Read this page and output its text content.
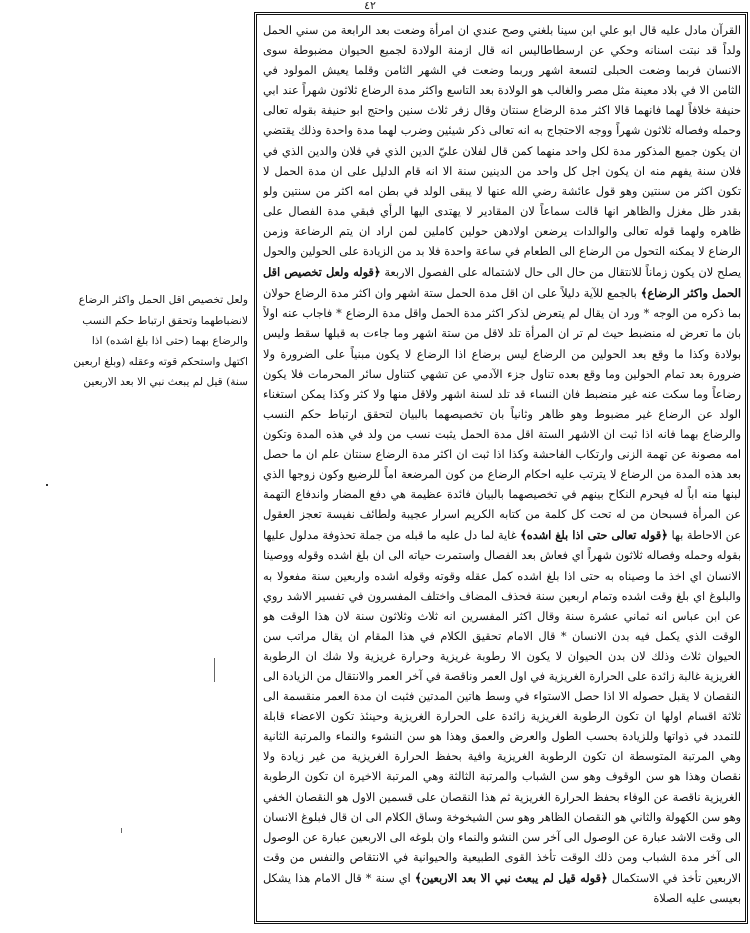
٤٢

القرآن مادل عليه قال ابو علي ابن سينا بلغني وصح عندي ان امرأة وضعت بعد الرابعة من سني الحمل ولداً قد نبتت اسنانه وحكي عن ارسطاطاليس انه قال ازمنة الولادة لجميع الحيوان مضبوطة سوى الانسان فربما وضعت الحبلى لتسعة اشهر وربما وضعت في الشهر الثامن وقلما يعيش المولود في الثامن الا في بلاد معينة مثل مصر والغالب هو الولادة بعد التاسع واكثر مدة الرضاع ثلاثون شهراً عند ابي حنيفة خلافاً لهما فانهما قالا اكثر مدة الرضاع سنتان وقال زفر ثلاث سنين واحتج ابو حنيفة بقوله تعالى وحمله وفصاله ثلاثون شهراً ووجه الاحتجاج به انه تعالى ذكر شيئين وضرب لهما مدة واحدة وذلك يقتضي ان يكون جميع المذكور مدة لكل واحد منهما كمن قال لفلان عليّ الدين الذي في فلان والدين الذي في فلان سنة يفهم منه ان يكون اجل كل واحد من الدينين سنة الا انه قام الدليل على ان مدة الحمل لا تكون اكثر من سنتين وهو قول عائشة رضي الله عنها لا يبقى الولد في بطن امه اكثر من سنتين ولو بقدر ظل مغزل والظاهر انها قالت سماعاً لان المقادير لا يهتدى اليها الرأي فبقي مدة الفصال على ظاهره ولهما قوله تعالى والوالدات يرضعن اولادهن حولين كاملين لمن اراد ان يتم الرضاعة وزمن الرضاع لا يمكنه التحول من الرضاع الى الطعام في ساعة واحدة فلا بد من الزيادة على الحولين والحول يصلح لان يكون زماناً للانتقال من حال الى حال لاشتماله على الفصول الاربعة ﴿قوله ولعل تخصيص اقل الحمل واكثر الرضاع﴾ بالجمع للآية دليلاً على ان اقل مدة الحمل ستة اشهر وان اكثر مدة الرضاع حولان بما ذكره من الوجه * ورد ان يقال لم يتعرض لذكر اكثر مدة الحمل واقل مدة الرضاع * فاجاب عنه اولاً بان ما تعرض له منضبط حيث لم تر ان المرأة تلد لاقل من ستة اشهر وما جاءت به قبلها سقط وليس بولادة وكذا ما وقع بعد الحولين من الرضاع ليس برضاع اذا الرضاع لا يكون مبنياً على الضرورة ولا ضرورة بعد تمام الحولين وما وقع بعده تناول جزء الآدمي عن تشهي كتناول سائر المحرمات فلا يكون رضاعاً وما سكت عنه غير منضبط فان النساء قد تلد لسنة اشهر ولاقل منها ولا كثر وكذا يمكن استغناء الولد عن الرضاع غير مضبوط وهو ظاهر وثانياً بان تخصيصهما بالبيان لتحقق ارتباط حكم النسب والرضاع بهما فانه اذا ثبت ان الاشهر الستة اقل مدة الحمل يثبت نسب من ولد في هذه المدة وتكون امه مصونة عن تهمة الزنى وارتكاب الفاحشة وكذا اذا ثبت ان اكثر مدة الرضاع سنتان علم ان ما حصل بعد هذه المدة من الرضاع لا يترتب عليه احكام الرضاع من كون المرضعة اماً للرضيع وكون زوجها الذي لبنها منه اباً له فيحرم النكاح بينهم في تخصيصهما بالبيان فائدة عظيمة هي دفع المضار واندفاع التهمة عن المرأة فسبحان من له تحت كل كلمة من كتابه الكريم اسرار عجيبة ولطائف نفيسة تعجز العقول عن الاحاطة بها ﴿قوله تعالى حتى اذا بلغ اشده﴾ غاية لما دل عليه ما قبله من جملة تحذوفة مدلول عليها بقوله وحمله وفصاله ثلاثون شهراً اي فعاش بعد الفصال واستمرت حياته الى ان بلغ اشده وقوله ووصينا الانسان اي اخذ ما وصيناه به حتى اذا بلغ اشده كمل عقله وقوته وقوله اشده واربعين سنة مفعولا به والبلوغ اي بلغ وقت اشده وتمام اربعين سنة فحذف المضاف واختلف المفسرون في تفسير الاشد روي عن ابن عباس انه ثماني عشرة سنة وقال اكثر المفسرين انه ثلاث وثلاثون سنة لان هذا الوقت هو الوقت الذي يكمل فيه بدن الانسان * قال الامام تحقيق الكلام في هذا المقام ان يقال مراتب سن الحيوان ثلاث وذلك لان بدن الحيوان لا يكون الا رطوبة غريزية وحرارة غريزية ولا شك ان الرطوبة الغريزية غالبة زائدة على الحرارة الغريزية في اول العمر وناقصة في آخر العمر والانتقال من الزيادة الى النقصان لا يقبل حصوله الا اذا حصل الاستواء في وسط هاتين المدتين فثبت ان مدة العمر منقسمة الى ثلاثة اقسام اولها ان تكون الرطوبة الغريزية زائدة على الحرارة الغريزية وحينئذ تكون الاعضاء قابلة للتمدد في ذواتها وللزيادة بحسب الطول والعرض والعمق وهذا هو سن النشوء والنماء والمرتبة الثانية وهي المرتبة المتوسطة ان تكون الرطوبة الغريزية وافية بحفظ الحرارة الغريزية من غير زيادة ولا نقصان وهذا هو سن الوقوف وهو سن الشباب والمرتبة الثالثة وهي المرتبة الاخيرة ان تكون الرطوبة الغريزية ناقصة عن الوفاء بحفظ الحرارة الغريزية ثم هذا النقصان على قسمين الاول هو النقصان الخفي وهو سن الكهولة والثاني هو النقصان الظاهر وهو سن الشيخوخة وساق الكلام الى ان قال فبلوغ الانسان الى وقت الاشد عبارة عن الوصول الى آخر سن النشو والنماء وان بلوغه الى الاربعين عبارة عن الوصول الى آخر مدة الشباب ومن ذلك الوقت تأخذ القوى الطبيعية والحيوانية في الانتقاص والنفس من وقت الاربعين تأخذ في الاستكمال ﴿قوله قيل لم يبعث نبي الا بعد الاربعين﴾ اي سنة * قال الامام هذا يشكل بعيسى عليه الصلاة

ولعل تخصيص اقل الحمل واكثر الرضاع

لانضباطهما وتحقق ارتباط حكم النسب

والرضاع بهما (حتى اذا بلغ اشده) اذا

اكتهل واستحكم قوته وعقله (وبلغ اربعين

سنة) قيل لم يبعث نبي الا بعد الاربعين
